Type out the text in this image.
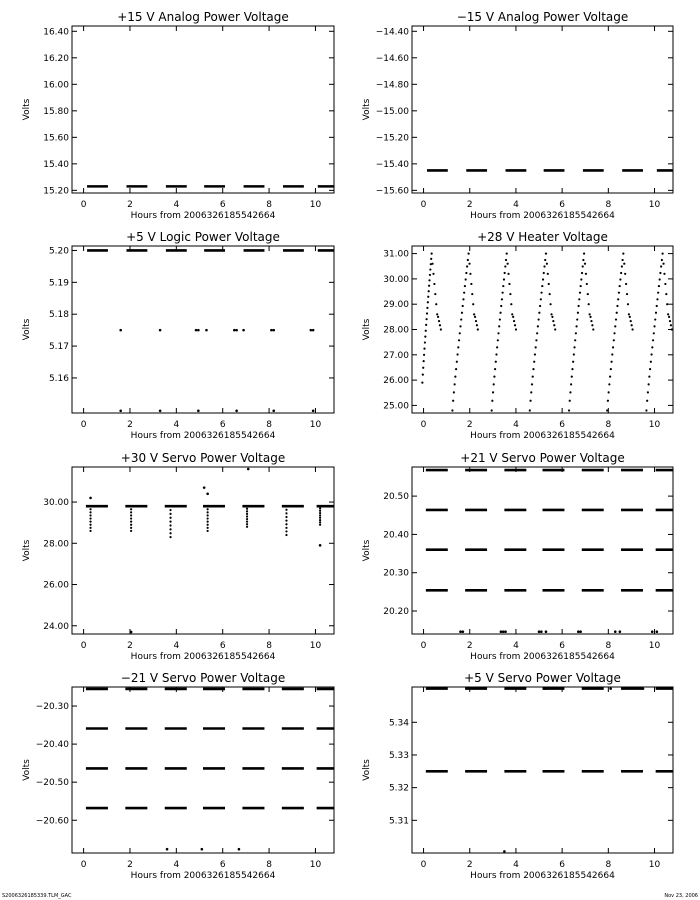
+15 V Analog Power Voltage
0	2	4	6	8	10
15.20
15.40
15.60
15.80
16.00
16.20
16.40
Hours from 2006326185542664
Volts
−15 V Analog Power Voltage
0	2	4	6	8	10
−15.60
−15.40
−15.20
−15.00
−14.80
−14.60
−14.40
Hours from 2006326185542664
Volts
+5 V Logic Power Voltage
0	2	4	6	8	10
5.16
5.17
5.18
5.19
5.20
Hours from 2006326185542664
Volts
+28 V Heater Voltage
0	2	4	6	8	10
25.00
26.00
27.00
28.00
29.00
30.00
31.00
Hours from 2006326185542664
Volts
+30 V Servo Power Voltage
0	2	4	6	8	10
24.00
26.00
28.00
30.00
Hours from 2006326185542664
Volts
+21 V Servo Power Voltage
0	2	4	6	8	10
20.20
20.30
20.40
20.50
Hours from 2006326185542664
Volts
−21 V Servo Power Voltage
0	2	4	6	8	10
−20.60
−20.50
−20.40
−20.30
Hours from 2006326185542664
Volts
+5 V Servo Power Voltage
0	2	4	6	8	10
5.31
5.32
5.33
5.34
Hours from 2006326185542664
Volts
S2006326185339.TLM_GAC	Nov 23, 2006
